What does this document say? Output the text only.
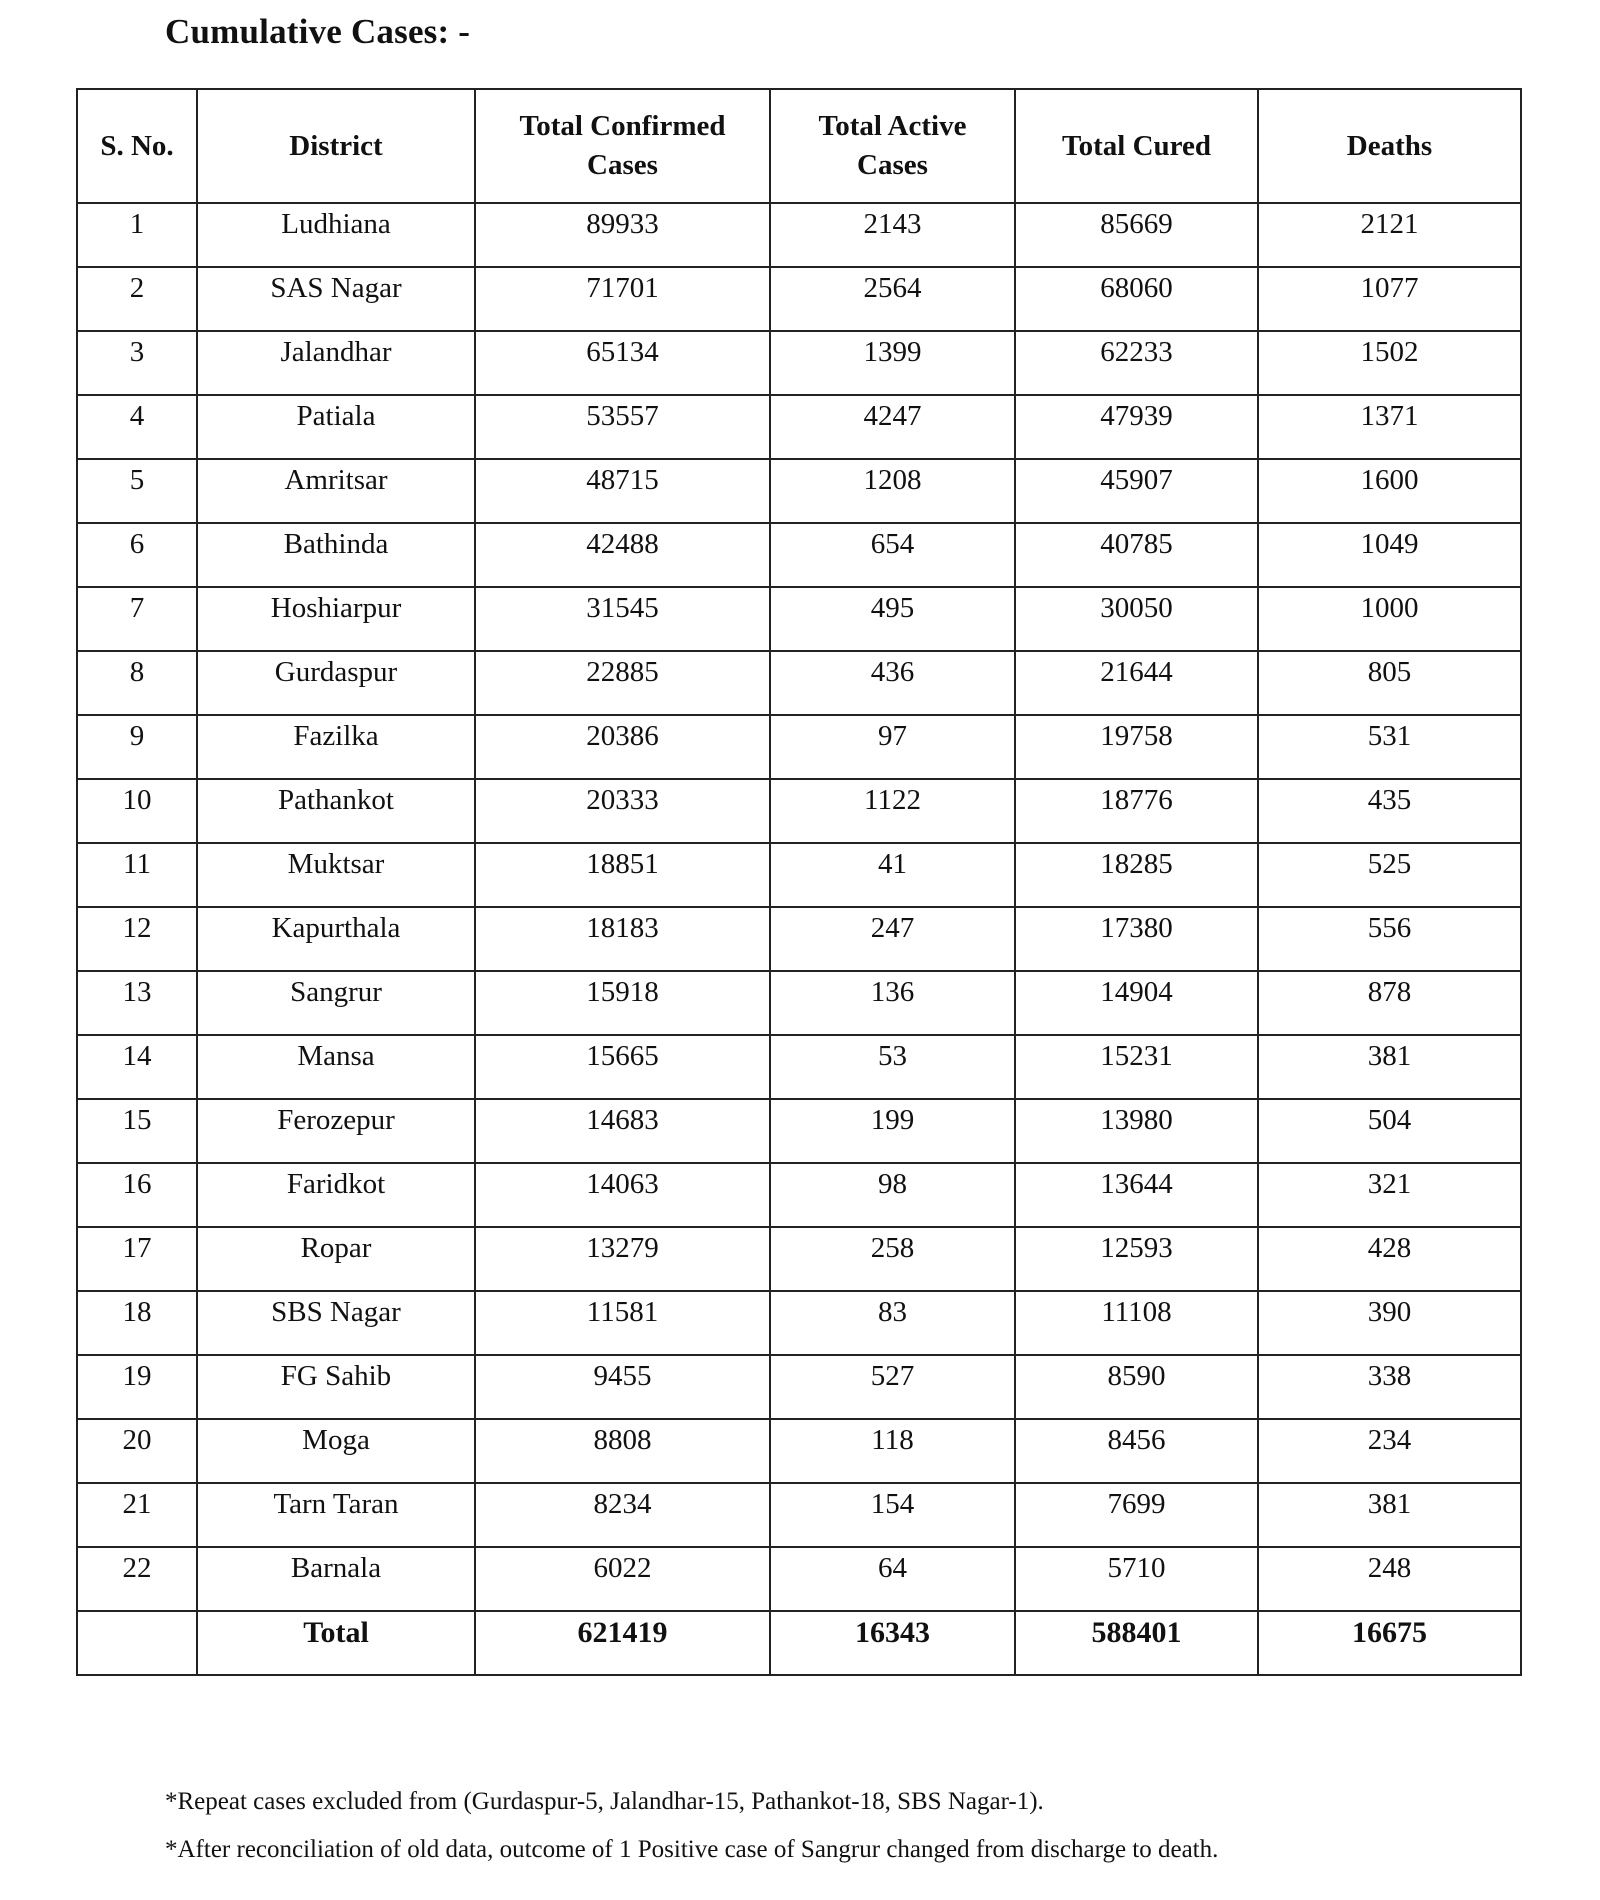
Cumulative Cases: -
S. No.	District	Total Confirmed Cases	Total Active Cases	Total Cured	Deaths
1	Ludhiana	89933	2143	85669	2121
2	SAS Nagar	71701	2564	68060	1077
3	Jalandhar	65134	1399	62233	1502
4	Patiala	53557	4247	47939	1371
5	Amritsar	48715	1208	45907	1600
6	Bathinda	42488	654	40785	1049
7	Hoshiarpur	31545	495	30050	1000
8	Gurdaspur	22885	436	21644	805
9	Fazilka	20386	97	19758	531
10	Pathankot	20333	1122	18776	435
11	Muktsar	18851	41	18285	525
12	Kapurthala	18183	247	17380	556
13	Sangrur	15918	136	14904	878
14	Mansa	15665	53	15231	381
15	Ferozepur	14683	199	13980	504
16	Faridkot	14063	98	13644	321
17	Ropar	13279	258	12593	428
18	SBS Nagar	11581	83	11108	390
19	FG Sahib	9455	527	8590	338
20	Moga	8808	118	8456	234
21	Tarn Taran	8234	154	7699	381
22	Barnala	6022	64	5710	248
	Total	621419	16343	588401	16675
*Repeat cases excluded from (Gurdaspur-5, Jalandhar-15, Pathankot-18, SBS Nagar-1).
*After reconciliation of old data, outcome of 1 Positive case of Sangrur changed from discharge to death.
